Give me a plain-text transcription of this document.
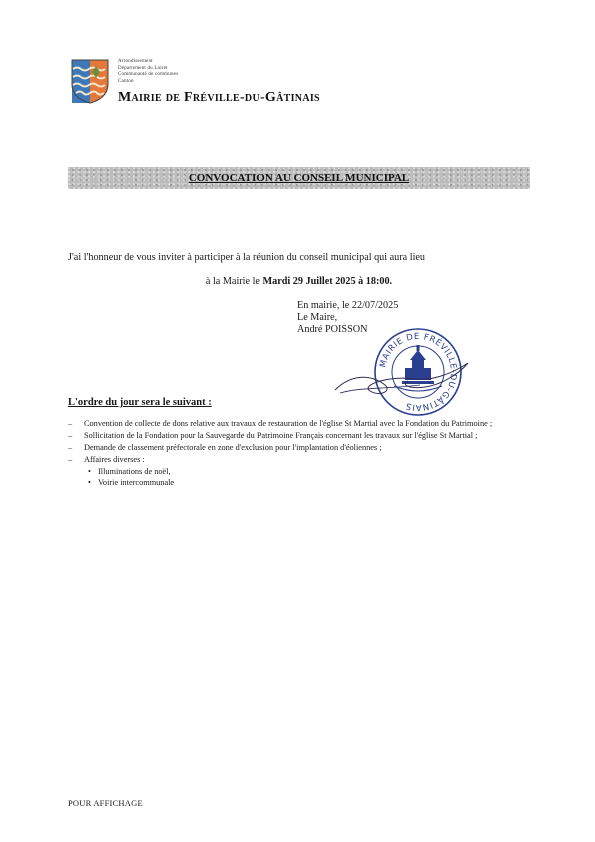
Arrondissement
Département du Loiret
Communauté de communes
Canton
Mairie de Fréville-du-Gâtinais
CONVOCATION AU CONSEIL MUNICIPAL
J'ai l'honneur de vous inviter à participer à la réunion du conseil municipal qui aura lieu
à la Mairie le Mardi 29 Juillet 2025 à 18:00.
En mairie, le 22/07/2025
Le Maire,
André POISSON
MAIRIE DE FRÉVILLE-DU-GÂTINAIS
L'ordre du jour sera le suivant :
– Convention de collecte de dons relative aux travaux de restauration de l'église St Martial avec la Fondation du Patrimoine ;
– Sollicitation de la Fondation pour la Sauvegarde du Patrimoine Français concernant les travaux sur l'église St Martial ;
– Demande de classement préfectorale en zone d'exclusion pour l'implantation d'éoliennes ;
– Affaires diverses :
• Illuminations de noël,
• Voirie intercommunale
POUR AFFICHAGE
